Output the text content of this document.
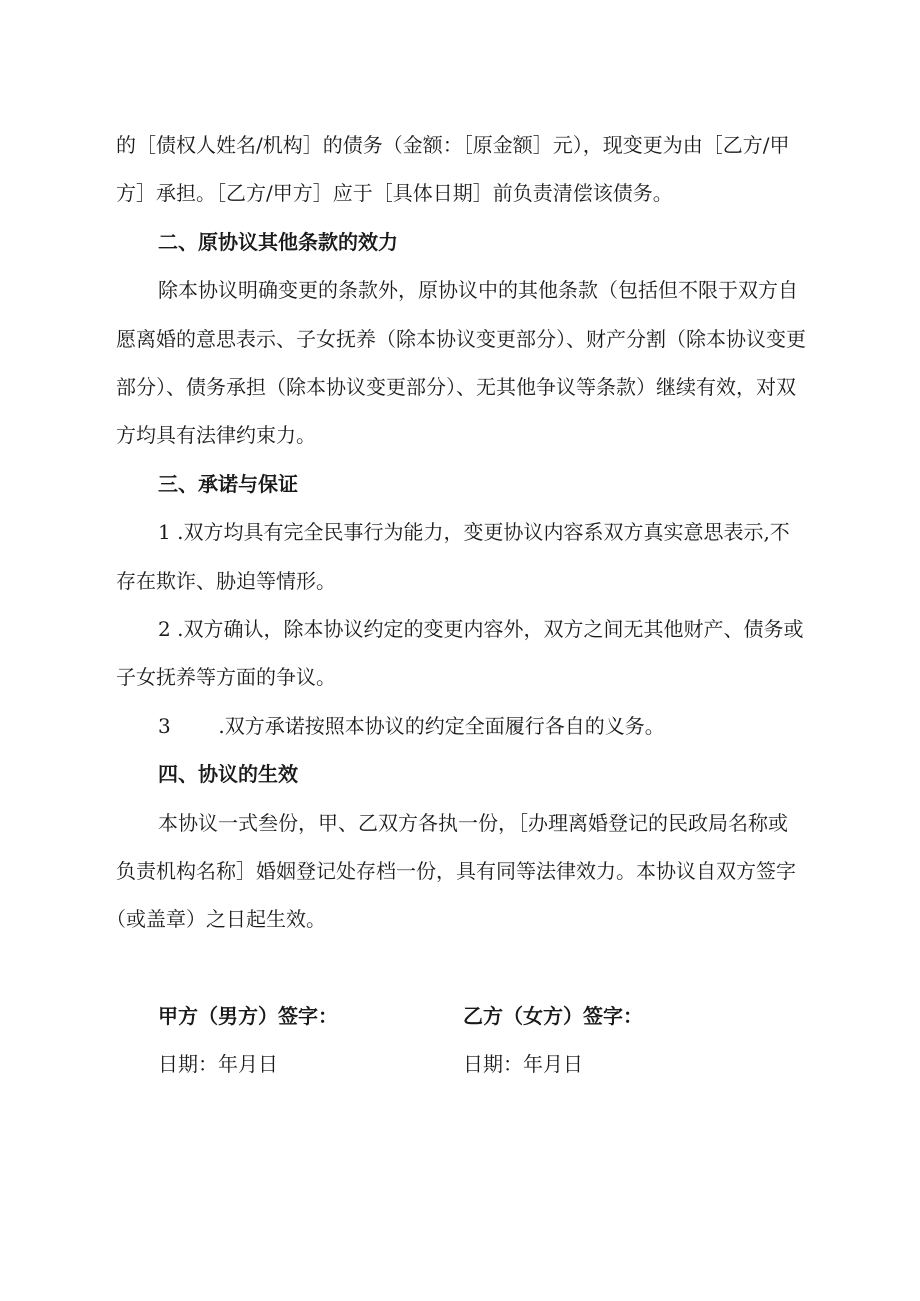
的［债权人姓名/机构］的债务（金额：［原金额］元），现变更为由［乙方/甲
方］承担。［乙方/甲方］应于［具体日期］前负责清偿该债务。
二、原协议其他条款的效力
除本协议明确变更的条款外，原协议中的其他条款（包括但不限于双方自
愿离婚的意思表示、子女抚养（除本协议变更部分）、财产分割（除本协议变更
部分）、债务承担（除本协议变更部分）、无其他争议等条款）继续有效，对双
方均具有法律约束力。
三、承诺与保证
1 .双方均具有完全民事行为能力，变更协议内容系双方真实意思表示,不
存在欺诈、胁迫等情形。
2 .双方确认，除本协议约定的变更内容外，双方之间无其他财产、债务或
子女抚养等方面的争议。
3 .双方承诺按照本协议的约定全面履行各自的义务。
四、协议的生效
本协议一式叁份，甲、乙双方各执一份，［办理离婚登记的民政局名称或
负责机构名称］婚姻登记处存档一份，具有同等法律效力。本协议自双方签字
（或盖章）之日起生效。
甲方（男方）签字：	乙方（女方）签字：
日期：年月日	日期：年月日
